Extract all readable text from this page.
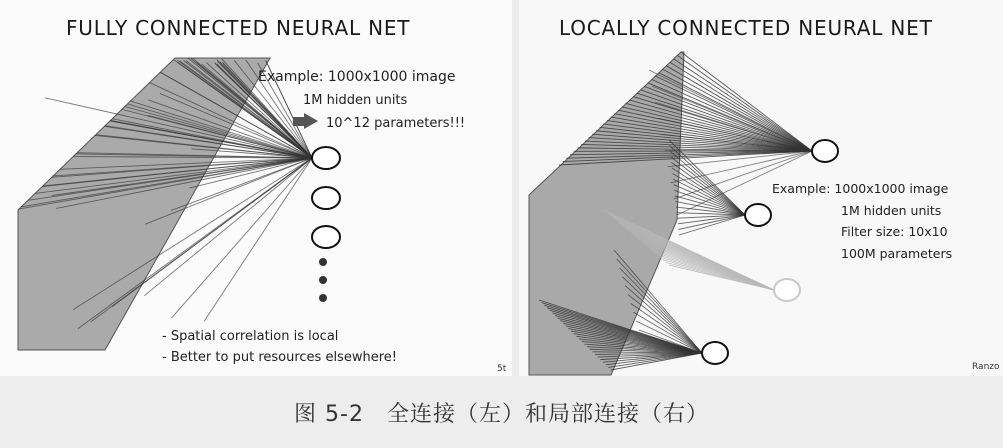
FULLY CONNECTED NEURAL NET

Example: 1000x1000 image

1M hidden units

10^12 parameters!!!

- Spatial correlation is local

- Better to put resources elsewhere!

5t
LOCALLY CONNECTED NEURAL NET

Example: 1000x1000 image

1M hidden units

Filter size: 10x10

100M parameters

Ranzo

图 5-2　全连接（左）和局部连接（右）
